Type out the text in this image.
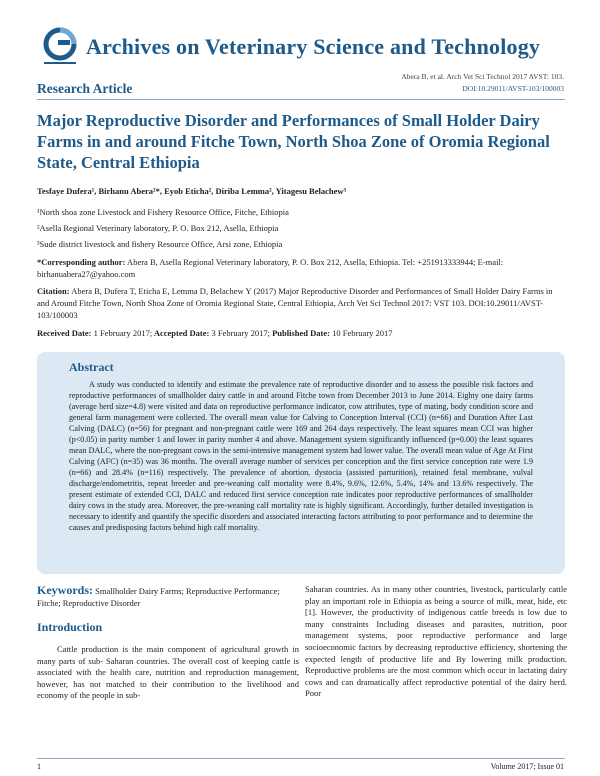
Archives on Veterinary Science and Technology
Research Article
Abera B, et al. Arch Vet Sci Technol 2017 AVST: 103.
DOI:10.29011/AVST-103/100003
Major Reproductive Disorder and Performances of Small Holder Dairy Farms in and around Fitche Town, North Shoa Zone of Oromia Regional State, Central Ethiopia
Tesfaye Dufera¹, Birhanu Abera²*, Eyob Eticha², Diriba Lemma², Yitagesu Belachew³
¹North shoa zone Livestock and Fishery Resource Office, Fitche, Ethiopia
²Asella Regional Veterinary laboratory, P. O. Box 212, Asella, Ethiopia
³Sude district livestock and fishery Resource Office, Arsi zone, Ethiopia
*Corresponding author: Abera B, Asella Regional Veterinary laboratory, P. O. Box 212, Asella, Ethiopia. Tel: +251913333944; E-mail: birhanuabera27@yahoo.com
Citation: Abera B, Dufera T, Eticha E, Lemma D, Belachew Y (2017) Major Reproductive Disorder and Performances of Small Holder Dairy Farms in and Around Fitche Town, North Shoa Zone of Oromia Regional State, Central Ethiopia, Arch Vet Sci Technol 2017: VST 103. DOI:10.29011/AVST-103/100003
Received Date: 1 February 2017; Accepted Date: 3 February 2017; Published Date: 10 February 2017
Abstract
A study was conducted to identify and estimate the prevalence rate of reproductive disorder and to assess the possible risk factors and reproductive performances of smallholder dairy cattle in and around Fitche town from December 2013 to June 2014. Eighty one dairy farms (average herd size=4.8) were visited and data on reproductive performance indicator, cow attributes, type of mating, body condition score and general farm management were collected. The overall mean value for Calving to Conception Interval (CCI) (n=66) and Duration After Last Calving (DALC) (n=56) for pregnant and non-pregnant cattle were 169 and 264 days respectively. The least squares mean CCI was higher (p<0.05) in parity number 1 and lower in parity number 4 and above. Management system significantly influenced (p=0.00) the least squares mean DALC, where the non-pregnant cows in the semi-intensive management system had lower value. The overall mean value of Age At First Calving (AFC) (n=35) was 36 months. The overall average number of services per conception and the first service conception rate were 1.9 (n=66) and 28.4% (n=116) respectively. The prevalence of abortion, dystocia (assisted parturition), retained fetal membrane, vulval discharge/endometritis, repeat breeder and pre-weaning calf mortality were 8.4%, 9.6%, 12.6%, 5.4%, 14% and 13.6% respectively. The present estimate of extended CCI, DALC and reduced first service conception rate indicates poor reproductive performances of smallholder dairy cows in the study area. Moreover, the pre-weaning calf mortality rate is highly significant. Accordingly, further detailed investigation is necessary to identify and quantify the specific disorders and associated interacting factors attributing to poor performance and to determine the causes and predisposing factors behind high calf mortality.
Keywords: Smallholder Dairy Farms; Reproductive Performance; Fitche; Reproductive Disorder
Introduction
Cattle production is the main component of agricultural growth in many parts of sub- Saharan countries. The overall cost of keeping cattle is associated with the health care, nutrition and reproduction management, however, has not matched to their contribution to the livelihood and economy of the people in sub-
Saharan countries. As in many other countries, livestock, particularly cattle play an important role in Ethiopia as being a source of milk, meat, hide, etc [1]. However, the productivity of indigenous cattle breeds is low due to many constraints Including diseases and parasites, nutrition, poor management systems, poor reproductive performance and large socioeconomic factors by decreasing reproductive efficiency, shortening the expected length of productive life and By lowering milk production. Reproductive problems are the most common which occur in lactating dairy cows and can dramatically affect reproductive potential of the dairy herd. Poor
1	Volume 2017; Issue 01
